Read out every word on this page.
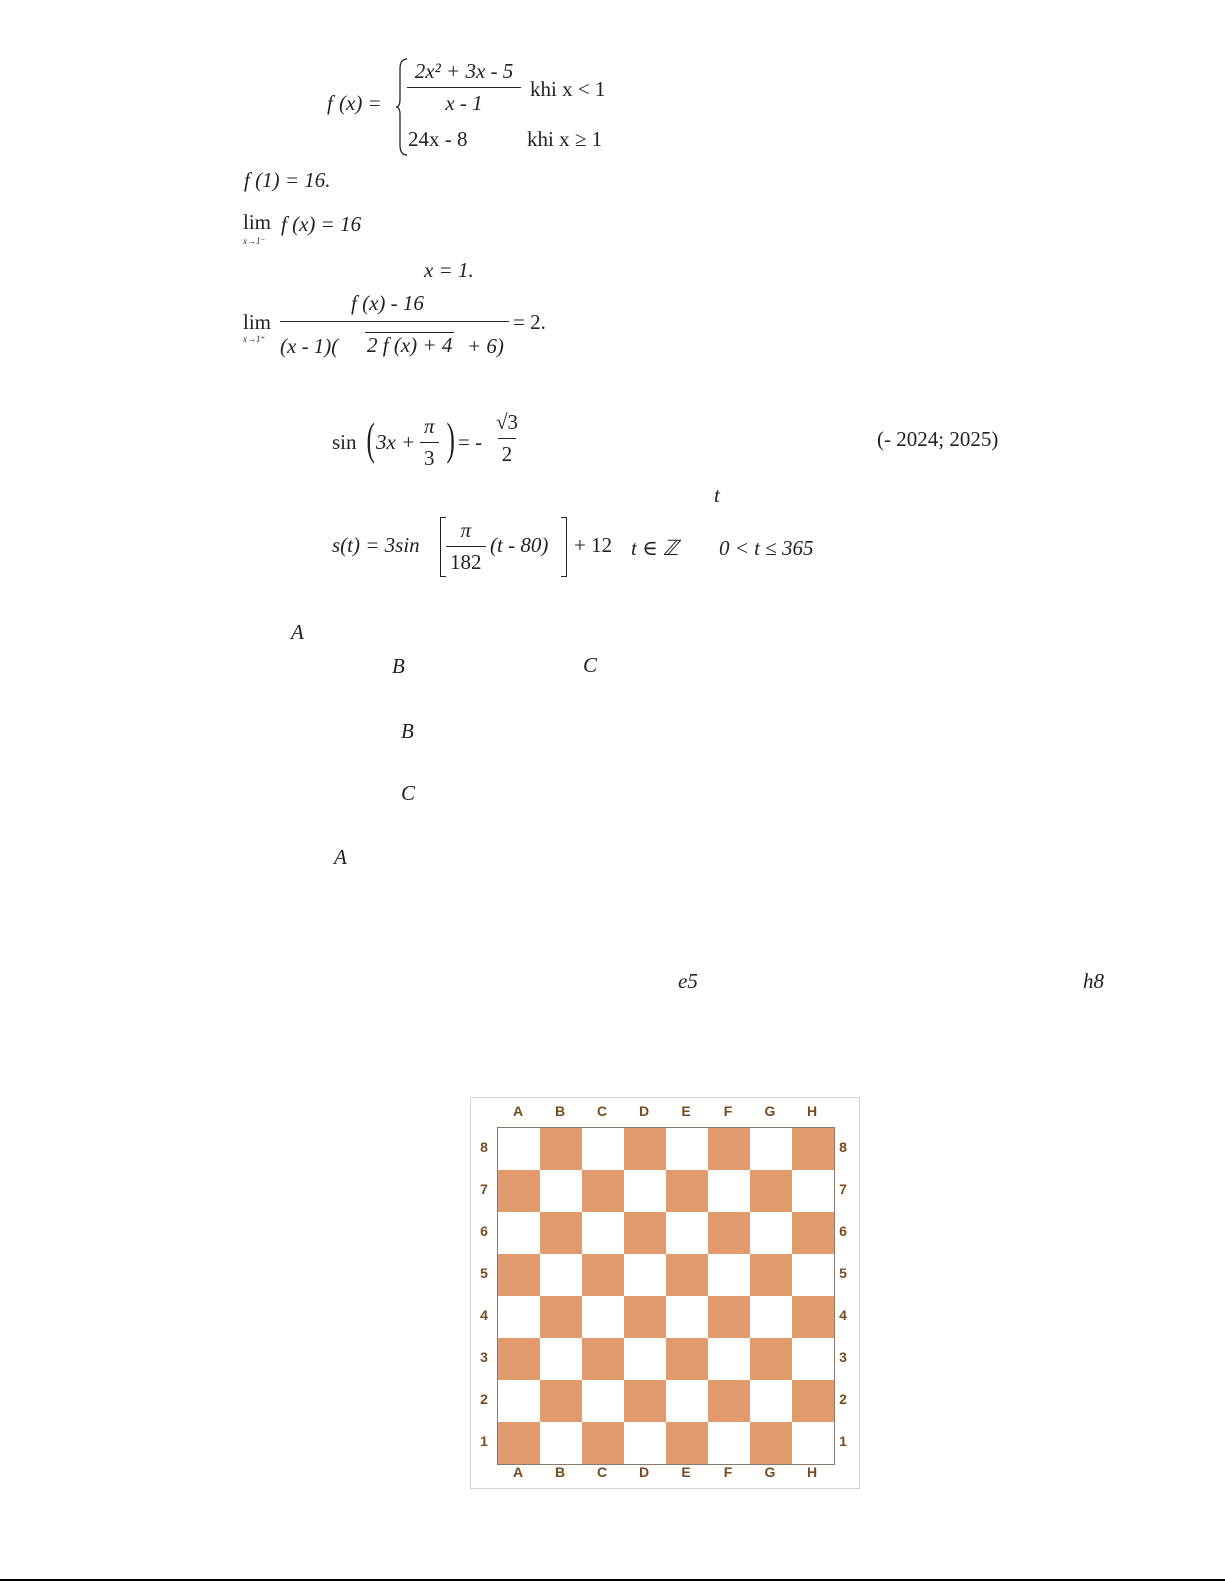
f $(x) = \frac{\text{2x² + 3x - 5}}{x - 1}$ khi x < 1
24x - 8	khi x ≥ 1
f (1) = 16.
lim
x→1⁻
f (x) = 16
x = 1.
lim
x→1⁺
f (x) - 16
(x - 1)( 2 f (x) + 4 + 6)
= 2.
sin ( $3x + \frac{\pi}{3}$ ) = - $\frac{√3}{2}$	(- 2024; 2025)
t
$s(t) = 3\sin \frac{\pi}{182} (t - 80) + 12$ t ∈ ℤ 0 < t ≤ 365
A
B	C
B
C
A
e5	h8
A
A
B
B
C
C
D
D
E
E
F
F
G
G
H
H
8	8
7	7
6	6
5	5
4	4
3	3
2	2
1	1
